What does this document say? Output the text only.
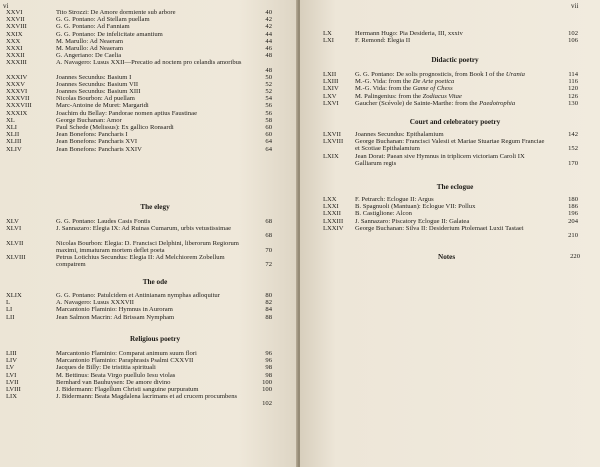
vi
XXVI	Tito Strozzi: De Amore dormiente sub arbore	40
XXVII	G. G. Pontano: Ad Stellam puellam	42
XXVIII	G. G. Pontano: Ad Fanniam	42
XXIX	G. G. Pontano: De infelicitate amantium	44
XXX	M. Marullo: Ad Neaeram	44
XXXI	M. Marullo: Ad Neaeram	46
XXXII	G. Angeriano: De Caelia	48
XXXIII	A. Navagero: Lusus XXII—Precatio ad noctem pro celandis amoribus
48
XXXIV	Joannes Secundus: Basium I	50
XXXV	Joannes Secundus: Basium VII	52
XXXVI	Joannes Secundus: Basium XIII	52
XXXVII	Nicolas Bourbon: Ad puellam	54
XXXVIII	Marc-Antoine de Muret: Margaridi	56
XXXIX	Joachim du Bellay: Pandorae nomen aptius Faustinae	56
XL	George Buchanan: Amor	58
XLI	Paul Schede (Melissus): Ex gallico Ronsardi	60
XLII	Jean Bonefons: Pancharis I	60
XLIII	Jean Bonefons: Pancharis XVI	64
XLIV	Jean Bonefons: Pancharis XXIV	64
The elegy
XLV	G. G. Pontano: Laudes Casis Fontis	68
XLVI	J. Sannazaro: Elegia IX: Ad Ruinas Cumarum, urbis vetustissimae
68
XLVII	Nicolas Bourbon: Elegia: D. Francisci Delphini, liberorum Regiorum maximi, immaturam mortem deflet poeta	70
XLVIII	Petrus Lotichius Secundus: Elegia II: Ad Melchiorem Zobellum compatrem	72
The ode
XLIX	G. G. Pontano: Patulcidem et Antinianam nymphas adloquitur	80
L	A. Navagero: Lusus XXXVII	82
LI	Marcantonio Flaminio: Hymnus in Auroram	84
LII	Jean Salmon Macrin: Ad Brissam Nympham	88
Religious poetry
LIII	Marcantonio Flaminio: Comparat animum suum flori	96
LIV	Marcantonio Flaminio: Paraphrasis Psalmi CXXVII	96
LV	Jacques de Billy: De tristitia spirituali	98
LVI	M. Bettinus: Beata Virgo puellulo Iesu violas	98
LVII	Bernhard van Bauhuysen: De amore divino	100
LVIII	J. Bidermann: Flagellum Christi sanguine purpuratum	100
LIX	J. Bidermann: Beata Magdalena lacrimans et ad crucem procumbens
102
vii
LX	Hermann Hugo: Pia Desideria, III, xxxiv	102
LXI	F. Remond: Elegia II	106
Didactic poetry
LXII	G. G. Pontano: De solis prognosticis, from Book I of the Urania	114
LXIII	M.-G. Vida: from the De Arte poetica	116
LXIV M.-G. Vida: from the Game of Chess	120
LXV	M. Palingenius: from the Zodiacus Vitae	126
LXVI Gaucher (Scévole) de Sainte-Marthe: from the Paedotrophia	130
Court and celebratory poetry
LXVII Joannes Secundus: Epithalamium	142
LXVIII George Buchanan: Francisci Valesii et Mariae Stuartae Regum Franciae et Scotiae Epithalamium	152
LXIX Jean Dorat: Paean sive Hymnus in triplicem victoriam Caroli IX Galliarum regis	170
The eclogue
LXX	F. Petrarch: Eclogue II: Argus	180
LXXI B. Spagnuoli (Mantuan): Eclogue VII: Pollux	186
LXXII B. Castiglione: Alcon	196
LXXIII J. Sannazaro: Piscatory Eclogue II: Galatea	204
LXXIV George Buchanan: Silva II: Desiderium Ptolemaei Luxii Tastaei
210
Notes	220
